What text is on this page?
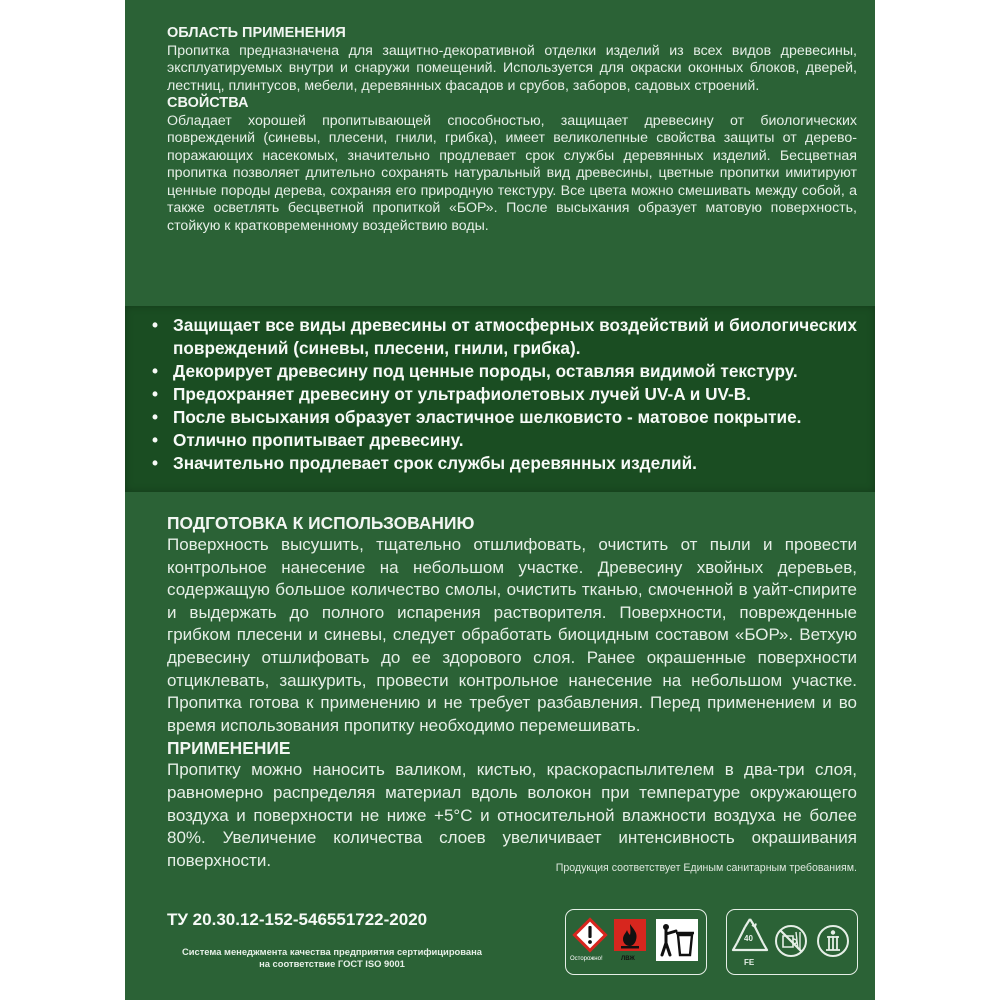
ОБЛАСТЬ ПРИМЕНЕНИЯ

Пропитка предназначена для защитно-декоративной отделки изделий из всех видов древесины, эксплуатируемых внутри и снаружи помещений. Используется для окраски оконных блоков, дверей, лестниц, плинтусов, мебели, деревянных фасадов и срубов, заборов, садовых строений.

СВОЙСТВА

Обладает хорошей пропитывающей способностью, защищает древесину от биологических повреждений (синевы, плесени, гнили, грибка), имеет великолепные свойства защиты от дерево-поражающих насекомых, значительно продлевает срок службы деревянных изделий. Бесцветная пропитка позволяет длительно сохранять натуральный вид древесины, цветные пропитки имитируют ценные породы дерева, сохраняя его природную текстуру. Все цвета можно смешивать между собой, а также осветлять бесцветной пропиткой «БОР». После высыхания образует матовую поверхность, стойкую к кратковременному воздействию воды.

• Защищает все виды древесины от атмосферных воздействий и биологических повреждений (синевы, плесени, гнили, грибка).
• Декорирует древесину под ценные породы, оставляя видимой текстуру.
• Предохраняет древесину от ультрафиолетовых лучей UV-A и UV-B.
• После высыхания образует эластичное шелковисто - матовое покрытие.
• Отлично пропитывает древесину.
• Значительно продлевает срок службы деревянных изделий.
ПОДГОТОВКА К ИСПОЛЬЗОВАНИЮ

Поверхность высушить, тщательно отшлифовать, очистить от пыли и провести контрольное нанесение на небольшом участке. Древесину хвойных деревьев, содержащую большое количество смолы, очистить тканью, смоченной в уайт-спирите и выдержать до полного испарения растворителя. Поверхности, поврежденные грибком плесени и синевы, следует обработать биоцидным составом «БОР». Ветхую древесину отшлифовать до ее здорового слоя. Ранее окрашенные поверхности отциклевать, зашкурить, провести контрольное нанесение на небольшом участке. Пропитка готова к применению и не требует разбавления. Перед применением и во время использования пропитку необходимо перемешивать.

ПРИМЕНЕНИЕ

Пропитку можно наносить валиком, кистью, краскораспылителем в два-три слоя, равномерно распределяя материал вдоль волокон при температуре окружающего воздуха и поверхности не ниже +5°С и относительной влажности воздуха не более 80%. Увеличение количества слоев увеличивает интенсивность окрашивания поверхности.	Продукция соответствует Единым санитарным требованиям.
ТУ 20.30.12-152-546551722-2020
Система менеджмента качества предприятия сертифицирована
на соответствие ГОСТ ISO 9001	Осторожно!	ЛВЖ
40
FE
